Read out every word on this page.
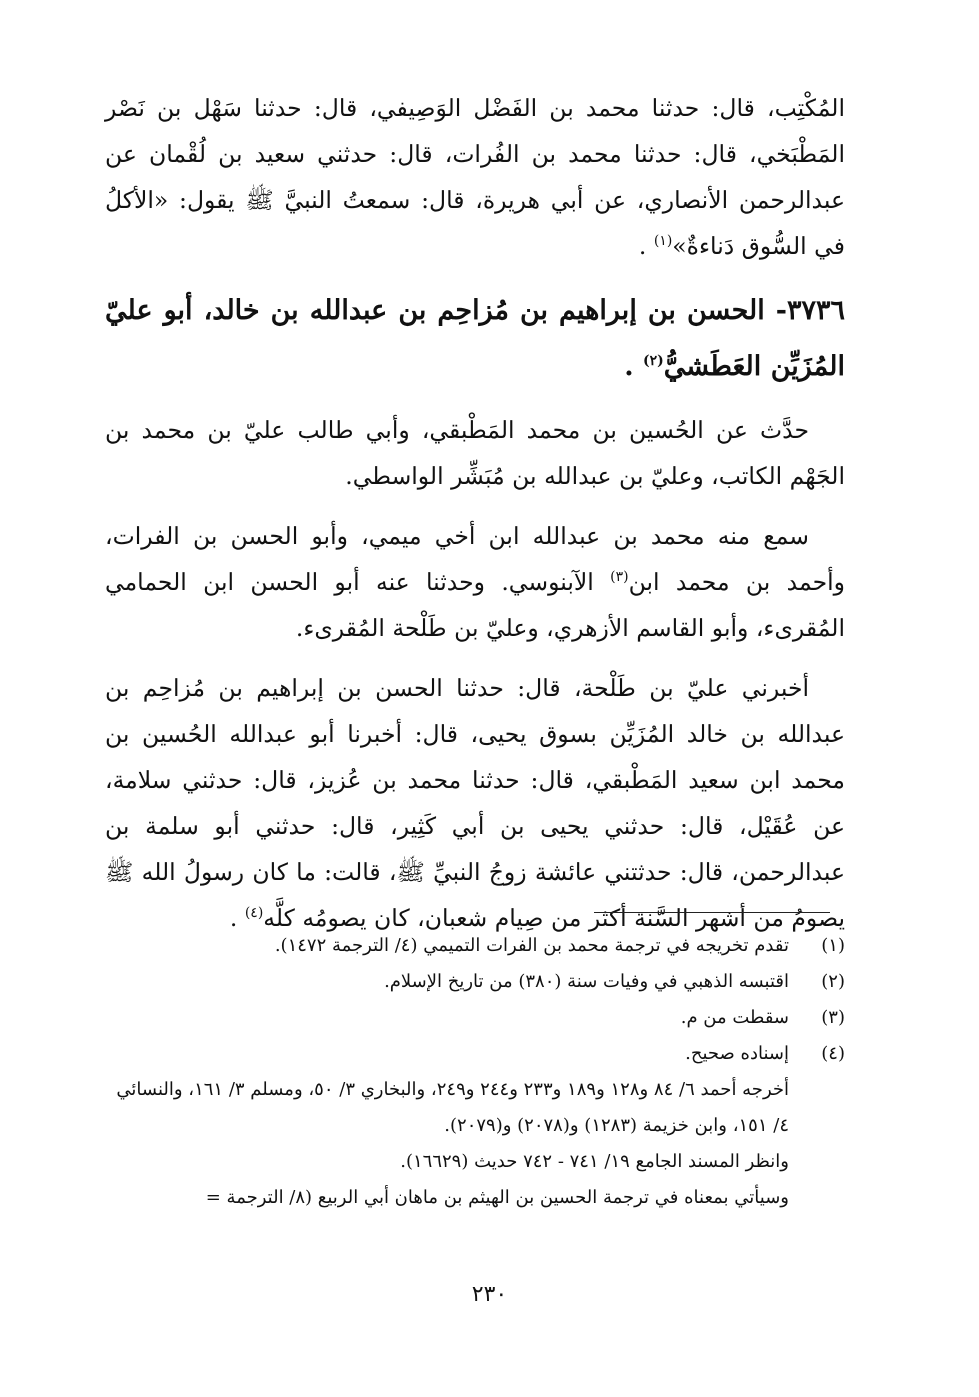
المُكْتِب، قال: حدثنا محمد بن الفَضْل الوَصِيفي، قال: حدثنا سَهْل بن نَصْر المَطْبَخي، قال: حدثنا محمد بن الفُرات، قال: حدثني سعيد بن لُقْمان عن عبدالرحمن الأنصاري، عن أبي هريرة، قال: سمعتُ النبيَّ ﷺ يقول: «الأكلُ في السُّوق دَناءةٌ»$^{(١)}$ .

٣٧٣٦- الحسن بن إبراهيم بن مُزاحِم بن عبدالله بن خالد، أبو عليّ المُزَيِّن العَطَشيُّ$^{(٢)}$ .

حدَّث عن الحُسين بن محمد المَطْبقي، وأبي طالب عليّ بن محمد بن الجَهْم الكاتب، وعليّ بن عبدالله بن مُبَشِّر الواسطي.

سمع منه محمد بن عبدالله ابن أخي ميمي، وأبو الحسن بن الفرات، وأحمد بن محمد ابن$^{(٣)}$ الآبنوسي. وحدثنا عنه أبو الحسن ابن الحمامي المُقرىء، وأبو القاسم الأزهري، وعليّ بن طَلْحة المُقرىء.

أخبرني عليّ بن طَلْحة، قال: حدثنا الحسن بن إبراهيم بن مُزاحِم بن عبدالله بن خالد المُزَيِّن بسوق يحيى، قال: أخبرنا أبو عبدالله الحُسين بن محمد ابن سعيد المَطْبقي، قال: حدثنا محمد بن عُزيز، قال: حدثني سلامة، عن عُقَيْل، قال: حدثني يحيى بن أبي كَثِير، قال: حدثني أبو سلمة بن عبدالرحمن، قال: حدثتني عائشة زوجُ النبيِّ ﷺ، قالت: ما كان رسولُ الله ﷺ يصومُ من أشهر السَّنة أكثر من صِيام شعبان، كان يصومُه كلَّه$^{(٤)}$ .

(١)
تقدم تخريجه في ترجمة محمد بن الفرات التميمي (٤/ الترجمة ١٤٧٢).
(٢)
اقتبسه الذهبي في وفيات سنة (٣٨٠) من تاريخ الإسلام.
(٣)
سقطت من م.
(٤)
إسناده صحيح.
أخرجه أحمد ٦/ ٨٤ و١٢٨ و١٨٩ و٢٣٣ و٢٤٤ و٢٤٩، والبخاري ٣/ ٥٠، ومسلم ٣/ ١٦١، والنسائي ٤/ ١٥١، وابن خزيمة (١٢٨٣) و(٢٠٧٨) و(٢٠٧٩).
وانظر المسند الجامع ١٩/ ٧٤١ - ٧٤٢ حديث (١٦٦٢٩).
وسيأتي بمعناه في ترجمة الحسين بن الهيثم بن ماهان أبي الربيع (٨/ الترجمة =
٢٣٠
